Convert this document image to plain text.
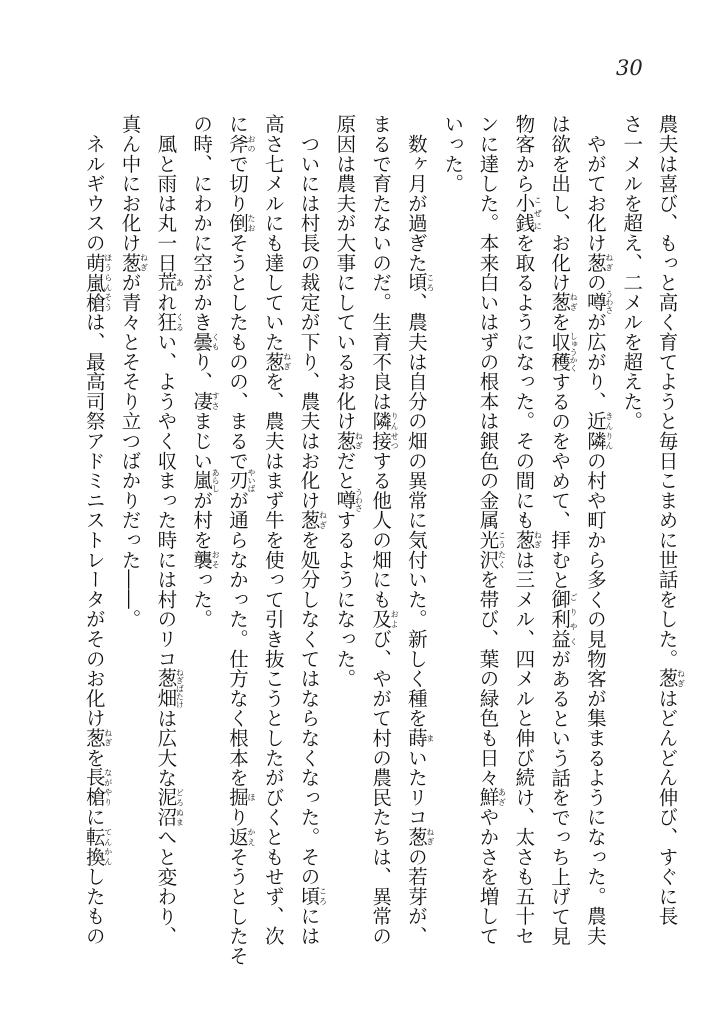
30
農夫は喜び、もっと高く育てようと毎日こまめに世話をした。葱ねぎはどんどん伸び、すぐに長
さ一メルを超え、二メルを超えた。
　やがてお化け葱ねぎの噂うわさが広がり、近隣きんりんの村や町から多くの見物客が集まるようになった。農夫
は欲を出し、お化け葱ねぎを収穫しゅうかくするのをやめて、拝むと御利益ごりやくがあるという話をでっち上げて見
物客から小銭こぜにを取るようになった。その間にも葱ねぎは三メル、四メルと伸び続け、太さも五十セ
ンに達した。本来白いはずの根本は銀色の金属光沢こうたくを帯び、葉の緑色も日々鮮あざやかさを増して
いった。
　数ヶ月が過ぎた頃ころ、農夫は自分の畑の異常に気付いた。新しく種を蒔まいたリコ葱ねぎの若芽が、
まるで育たないのだ。生育不良は隣接りんせつする他人の畑にも及および、やがて村の農民たちは、異常の
原因は農夫が大事にしているお化け葱ねぎだと噂うわさするようになった。
　ついには村長の裁定が下り、農夫はお化け葱ねぎを処分しなくてはならなくなった。その頃ころには
高さ七メルにも達していた葱ねぎを、農夫はまず牛を使って引き抜こうとしたがびくともせず、次
に斧おので切り倒たおそうとしたものの、まるで刃やいばが通らなかった。仕方なく根本を掘ほり返かえそうとしたそ
の時、にわかに空がかき曇くもり、凄すさまじい嵐あらしが村を襲おそった。
　風と雨は丸一日荒あれ狂くるい、ようやく収まった時には村のリコ葱畑ねぎばたけは広大な泥沼どろぬまへと変わり、
真ん中にお化け葱ねぎが青々とそそり立つばかりだった――。
　ネルギウスの萌嵐槍ほうらんそうは、最高司祭アドミニストレータがそのお化け葱ねぎを長槍ながやりに転換てんかんしたもの
